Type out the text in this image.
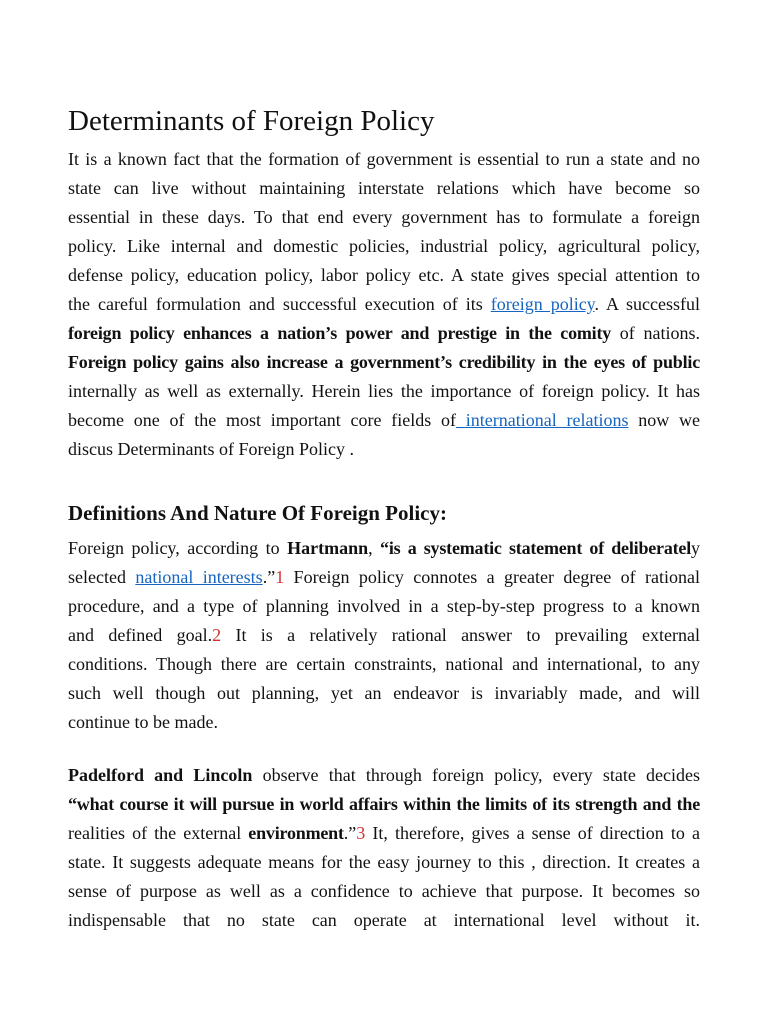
Determinants of Foreign Policy
It is a known fact that the formation of government is essential to run a state and no
state can live without maintaining interstate relations which have become so
essential in these days. To that end every government has to formulate a foreign
policy. Like internal and domestic policies, industrial policy, agricultural policy,
defense policy, education policy, labor policy etc. A state gives special attention to
the careful formulation and successful execution of its foreign policy. A successful
foreign policy enhances a nation’s power and prestige in the comity of nations.
Foreign policy gains also increase a government’s credibility in the eyes of public
internally as well as externally. Herein lies the importance of foreign policy. It has
become one of the most important core fields of international relations now we
discus Determinants of Foreign Policy .
Definitions And Nature Of Foreign Policy:
Foreign policy, according to Hartmann, “is a systematic statement of deliberately
selected national interests.”1 Foreign policy connotes a greater degree of rational
procedure, and a type of planning involved in a step-by-step progress to a known
and defined goal.2 It is a relatively rational answer to prevailing external
conditions. Though there are certain constraints, national and international, to any
such well though out planning, yet an endeavor is invariably made, and will
continue to be made.
Padelford and Lincoln observe that through foreign policy, every state decides
“what course it will pursue in world affairs within the limits of its strength and the
realities of the external environment.”3 It, therefore, gives a sense of direction to a
state. It suggests adequate means for the easy journey to this , direction. It creates a
sense of purpose as well as a confidence to achieve that purpose. It becomes so
indispensable that no state can operate at international level without it.
